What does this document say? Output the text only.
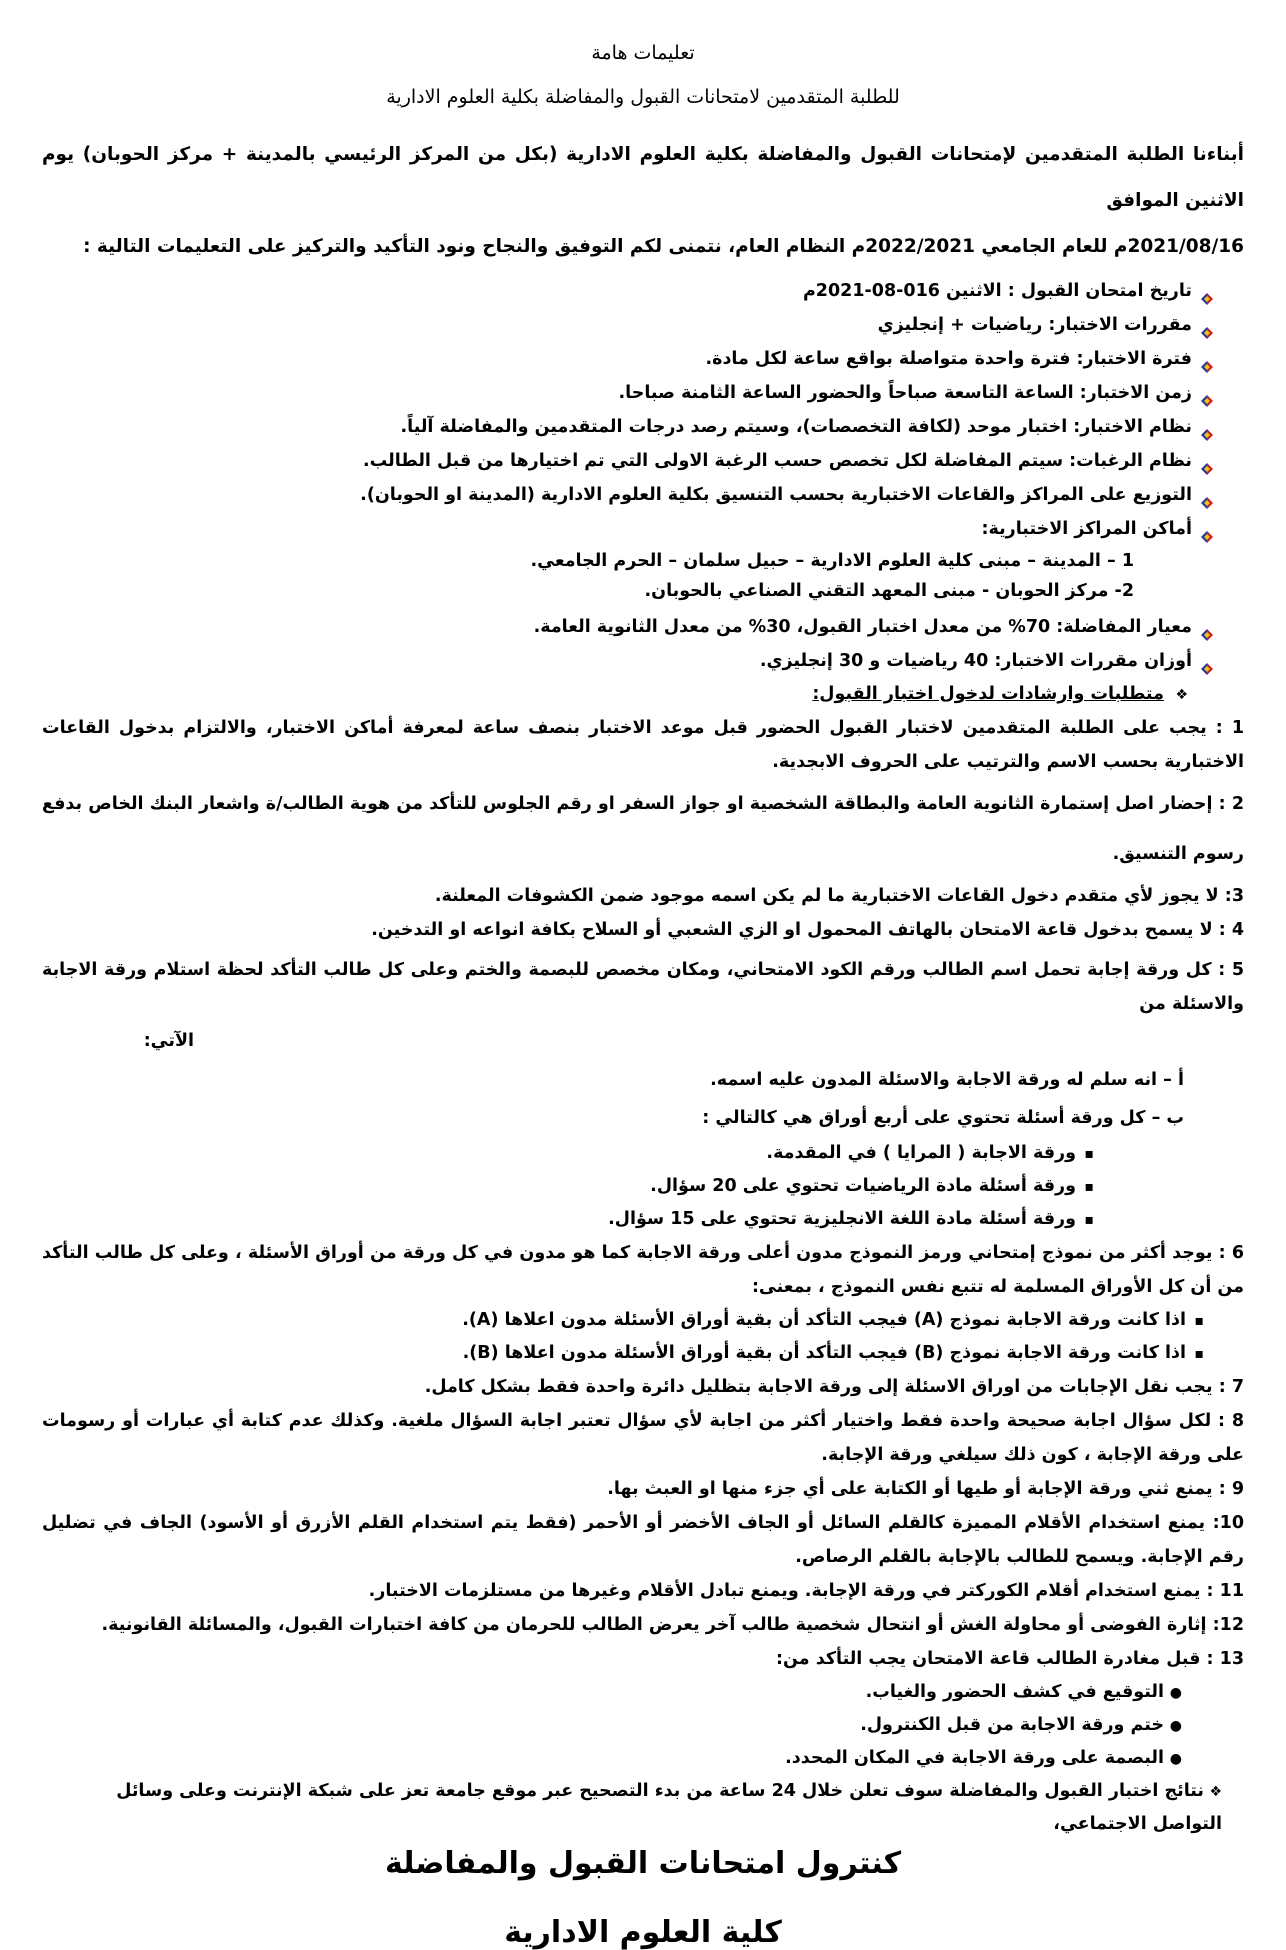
تعليمات هامة
للطلبة المتقدمين لامتحانات القبول والمفاضلة بكلية العلوم الادارية

أبناءنا الطلبة المتقدمين لإمتحانات القبول والمفاضلة بكلية العلوم الادارية (بكل من المركز الرئيسي بالمدينة + مركز الحوبان) يوم الاثنين الموافق
2021/08/16م للعام الجامعي 2022/2021م النظام العام، نتمنى لكم التوفيق والنجاح ونود التأكيد والتركيز على التعليمات التالية :

تاريخ امتحان القبول : الاثنين 016-08-2021م
مقررات الاختبار: رياضيات + إنجليزي
فترة الاختبار: فترة واحدة متواصلة بواقع ساعة لكل مادة.
زمن الاختبار: الساعة التاسعة صباحاً والحضور الساعة الثامنة صباحا.
نظام الاختبار: اختبار موحد (لكافة التخصصات)، وسيتم رصد درجات المتقدمين والمفاضلة آلياً.
نظام الرغبات: سيتم المفاضلة لكل تخصص حسب الرغبة الاولى التي تم اختيارها من قبل الطالب.
التوزيع على المراكز والقاعات الاختبارية بحسب التنسيق بكلية العلوم الادارية (المدينة او الحوبان).
أماكن المراكز الاختبارية:
1 – المدينة – مبنى كلية العلوم الادارية – حبيل سلمان – الحرم الجامعي.
2- مركز الحوبان - مبنى المعهد التقني الصناعي بالحوبان.
معيار المفاضلة: 70% من معدل اختبار القبول، 30% من معدل الثانوية العامة.
أوزان مقررات الاختبار: 40 رياضيات و 30 إنجليزي.
❖ متطلبات وارشادات لدخول اختبار القبول:

1 : يجب على الطلبة المتقدمين لاختبار القبول الحضور قبل موعد الاختبار بنصف ساعة لمعرفة أماكن الاختبار، والالتزام بدخول القاعات الاختبارية بحسب الاسم والترتيب على الحروف الابجدية.

2 : إحضار اصل إستمارة الثانوية العامة والبطاقة الشخصية او جواز السفر او رقم الجلوس للتأكد من هوية الطالب/ة واشعار البنك الخاص بدفع رسوم التنسيق.

3: لا يجوز لأي متقدم دخول القاعات الاختبارية ما لم يكن اسمه موجود ضمن الكشوفات المعلنة.

4 : لا يسمح بدخول قاعة الامتحان بالهاتف المحمول او الزي الشعبي أو السلاح بكافة انواعه او التدخين.

5 : كل ورقة إجابة تحمل اسم الطالب ورقم الكود الامتحاني، ومكان مخصص للبصمة والختم وعلى كل طالب التأكد لحظة استلام ورقة الاجابة والاسئلة من

الآتي:
أ – انه سلم له ورقة الاجابة والاسئلة المدون عليه اسمه.
ب – كل ورقة أسئلة تحتوي على أربع أوراق هي كالتالي :
▪ورقة الاجابة ( المرايا ) في المقدمة.
▪ورقة أسئلة مادة الرياضيات تحتوي على 20 سؤال.
▪ورقة أسئلة مادة اللغة الانجليزية تحتوي على 15 سؤال.

6 : يوجد أكثر من نموذج إمتحاني ورمز النموذج مدون أعلى ورقة الاجابة كما هو مدون في كل ورقة من أوراق الأسئلة ، وعلى كل طالب التأكد من أن كل الأوراق المسلمة له تتبع نفس النموذج ، بمعنى:

▪اذا كانت ورقة الاجابة نموذج (A) فيجب التأكد أن بقية أوراق الأسئلة مدون اعلاها (A).
▪اذا كانت ورقة الاجابة نموذج (B) فيجب التأكد أن بقية أوراق الأسئلة مدون اعلاها (B).

7 : يجب نقل الإجابات من اوراق الاسئلة إلى ورقة الاجابة بتظليل دائرة واحدة فقط بشكل كامل.

8 : لكل سؤال اجابة صحيحة واحدة فقط واختيار أكثر من اجابة لأي سؤال تعتبر اجابة السؤال ملغية. وكذلك عدم كتابة أي عبارات أو رسومات على ورقة الإجابة ، كون ذلك سيلغي ورقة الإجابة.

9 : يمنع ثني ورقة الإجابة أو طيها أو الكتابة على أي جزء منها او العبث بها.

10: يمنع استخدام الأقلام المميزة كالقلم السائل أو الجاف الأخضر أو الأحمر (فقط يتم استخدام القلم الأزرق أو الأسود) الجاف في تضليل رقم الإجابة. ويسمح للطالب بالإجابة بالقلم الرصاص.

11 : يمنع استخدام أقلام الكوركتر في ورقة الإجابة. ويمنع تبادل الأقلام وغيرها من مستلزمات الاختبار.

12: إثارة الفوضى أو محاولة الغش أو انتحال شخصية طالب آخر يعرض الطالب للحرمان من كافة اختبارات القبول، والمسائلة القانونية.

13 : قبل مغادرة الطالب قاعة الامتحان يجب التأكد من:

●التوقيع في كشف الحضور والغياب.
●ختم ورقة الاجابة من قبل الكنترول.
●البصمة على ورقة الاجابة في المكان المحدد.
❖نتائج اختبار القبول والمفاضلة سوف تعلن خلال 24 ساعة من بدء التصحيح عبر موقع جامعة تعز على شبكة الإنترنت وعلى وسائل التواصل الاجتماعي،
كنترول امتحانات القبول والمفاضلة
كلية العلوم الادارية
